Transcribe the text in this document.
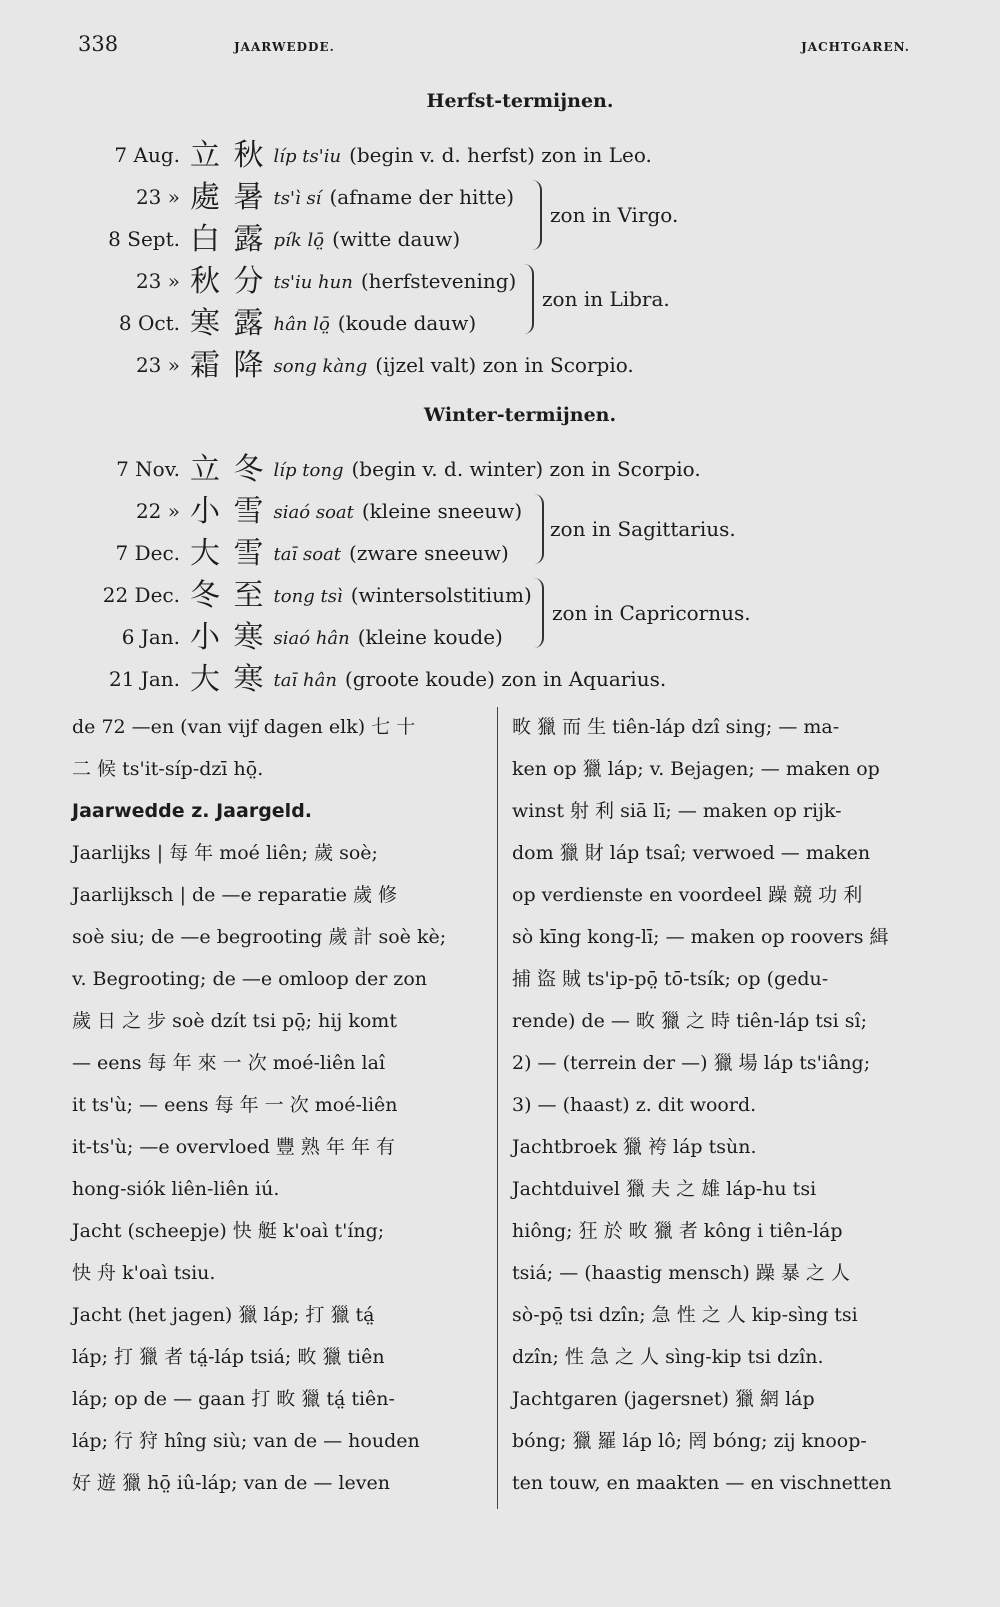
338	JAARWEDDE.	JACHTGAREN.
Herfst-termijnen.
7 Aug. 立 秋 líp ts'iu (begin v. d. herfst) zon in Leo.
23 » 處 暑 ts'ì sí (afname der hitte)
8 Sept. 白 露 pík lō̤ (witte dauw)
zon in Virgo.
23 » 秋 分 ts'iu hun (herfstevening)
8 Oct. 寒 露 hân lō̤ (koude dauw)
zon in Libra.
23 » 霜 降 song kàng (ijzel valt) zon in Scorpio.
Winter-termijnen.
7 Nov. 立 冬 líp tong (begin v. d. winter) zon in Scorpio.
22 » 小 雪 siaó soat (kleine sneeuw)
7 Dec. 大 雪 taī soat (zware sneeuw)
zon in Sagittarius.
22 Dec. 冬 至 tong tsì (wintersolstitium)
6 Jan. 小 寒 siaó hân (kleine koude)
zon in Capricornus.
21 Jan. 大 寒 taī hân (groote koude) zon in Aquarius.
de 72 —en (van vijf dagen elk) 七 十
二 候 ts'it-síp-dzī hō̤.
Jaarwedde z. Jaargeld.
Jaarlijks | 每 年 moé liên; 歲 soè;
Jaarlijksch | de —e reparatie 歲 修
soè siu; de —e begrooting 歲 計 soè kè;
v. Begrooting; de —e omloop der zon
歲 日 之 步 soè dzít tsi pō̤; hij komt
— eens 每 年 來 一 次 moé-liên laî
it ts'ù; — eens 每 年 一 次 moé-liên
it-ts'ù; —e overvloed 豐 熟 年 年 有
hong-siók liên-liên iú.
Jacht (scheepje) 快 艇 k'oaì t'íng;
快 舟 k'oaì tsiu.
Jacht (het jagen) 獵 láp; 打 獵 tá̤
láp; 打 獵 者 tá̤-láp tsiá; 畋 獵 tiên
láp; op de — gaan 打 畋 獵 tá̤ tiên-
láp; 行 狩 hîng siù; van de — houden
好 遊 獵 hō̤ iû-láp; van de — leven
畋 獵 而 生 tiên-láp dzî sing; — ma-
ken op 獵 láp; v. Bejagen; — maken op
winst 射 利 siā lī; — maken op rijk-
dom 獵 財 láp tsaî; verwoed — maken
op verdienste en voordeel 躁 競 功 利
sò kīng kong-lī; — maken op roovers 緝
捕 盜 賊 ts'ip-pō̤ tō-tsík; op (gedu-
rende) de — 畋 獵 之 時 tiên-láp tsi sî;
2) — (terrein der —) 獵 場 láp ts'iâng;
3) — (haast) z. dit woord.
Jachtbroek 獵 袴 láp tsùn.
Jachtduivel 獵 夫 之 雄 láp-hu tsi
hiông; 狂 於 畋 獵 者 kông i tiên-láp
tsiá; — (haastig mensch) 躁 暴 之 人
sò-pō̤ tsi dzîn; 急 性 之 人 kip-sìng tsi
dzîn; 性 急 之 人 sìng-kip tsi dzîn.
Jachtgaren (jagersnet) 獵 網 láp
bóng; 獵 羅 láp lô; 罔 bóng; zij knoop-
ten touw, en maakten — en vischnetten
